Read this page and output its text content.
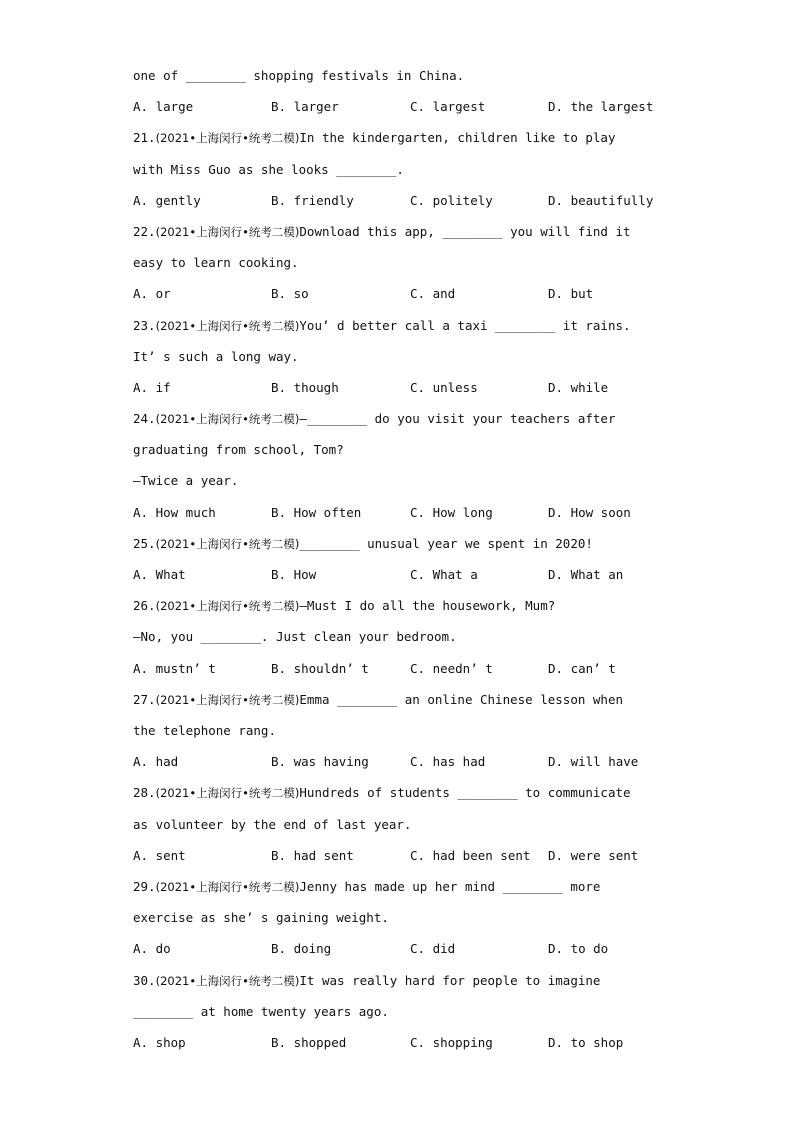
one of ________ shopping festivals in China.
A. large	B. larger	C. largest	D. the largest
21.(2021•上海闵行•统考二模)In the kindergarten, children like to play
with Miss Guo as she looks ________.
A. gently	B. friendly	C. politely	D. beautifully
22.(2021•上海闵行•统考二模)Download this app, ________ you will find it
easy to learn cooking.
A. or	B. so	C. and	D. but
23.(2021•上海闵行•统考二模)You’ d better call a taxi ________ it rains.
It’ s such a long way.
A. if	B. though	C. unless	D. while
24.(2021•上海闵行•统考二模)—________ do you visit your teachers after
graduating from school, Tom?
—Twice a year.
A. How much	B. How often	C. How long	D. How soon
25.(2021•上海闵行•统考二模)________ unusual year we spent in 2020!
A. What	B. How	C. What a	D. What an
26.(2021•上海闵行•统考二模)—Must I do all the housework, Mum?
—No, you ________. Just clean your bedroom.
A. mustn’ t	B. shouldn’ t	C. needn’ t	D. can’ t
27.(2021•上海闵行•统考二模)Emma ________ an online Chinese lesson when
the telephone rang.
A. had	B. was having	C. has had	D. will have
28.(2021•上海闵行•统考二模)Hundreds of students ________ to communicate
as volunteer by the end of last year.
A. sent	B. had sent	C. had been sent D. were sent
29.(2021•上海闵行•统考二模)Jenny has made up her mind ________ more
exercise as she’ s gaining weight.
A. do	B. doing	C. did	D. to do
30.(2021•上海闵行•统考二模)It was really hard for people to imagine
________ at home twenty years ago.
A. shop	B. shopped	C. shopping	D. to shop
